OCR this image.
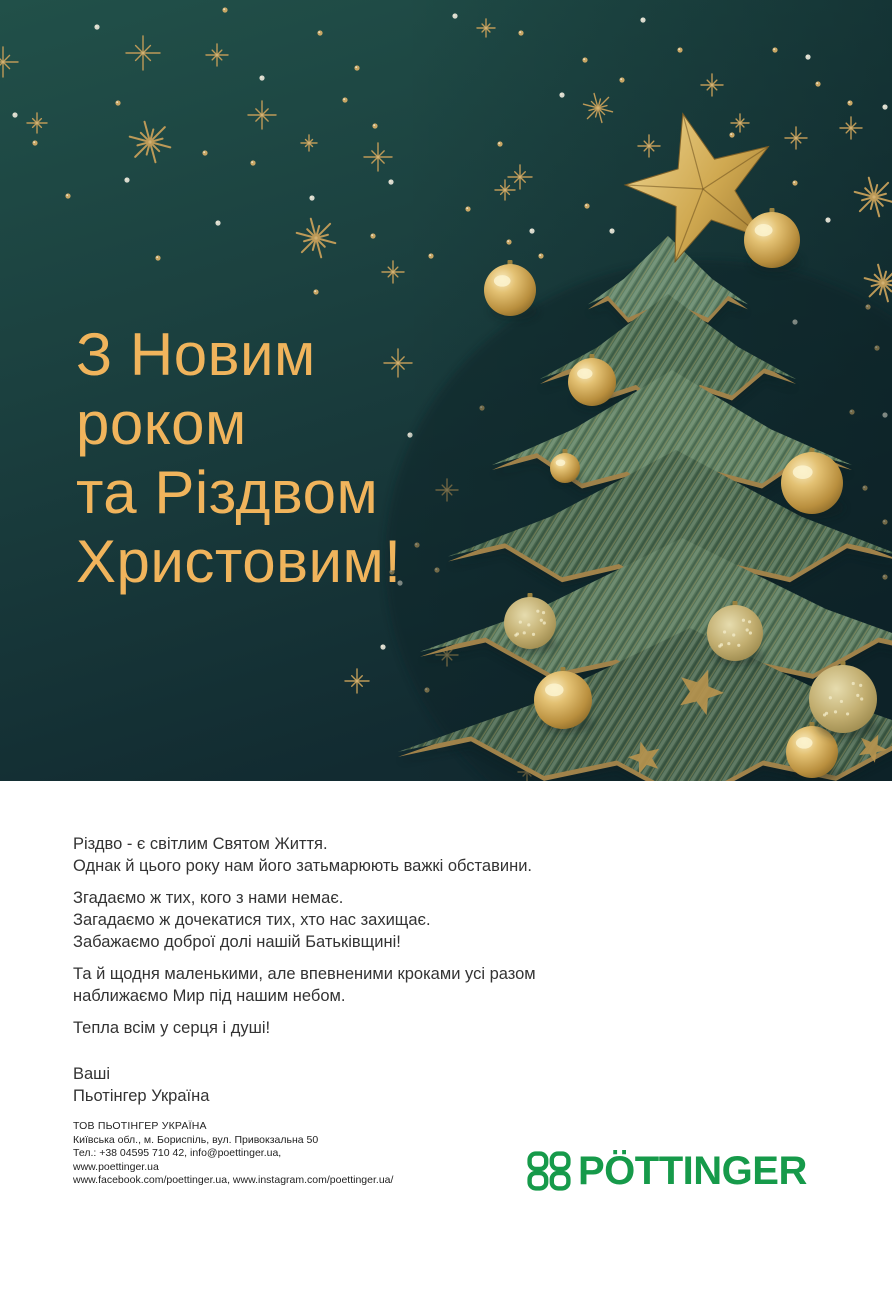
З Новим
роком
та Різдвом
Христовим!

Різдво - є світлим Святом Життя.
Однак й цього року нам його затьмарюють важкі обставини.

Згадаємо ж тих, кого з нами немає.
Загадаємо ж дочекатися тих, хто нас захищає.
Забажаємо доброї долі нашій Батьківщині!

Та й щодня маленькими, але впевненими кроками усі разом
наближаємо Мир під нашим небом.

Тепла всім у серця і душі!

Ваші
Пьотінгер Україна

ТОВ ПЬОТІНГЕР УКРАЇНА
Київська обл., м. Бориспіль, вул. Привокзальна 50
Тел.: +38 04595 710 42, info@poettinger.ua,
www.poettinger.ua
www.facebook.com/poettinger.ua, www.instagram.com/poettinger.ua/	PÖTTINGER
